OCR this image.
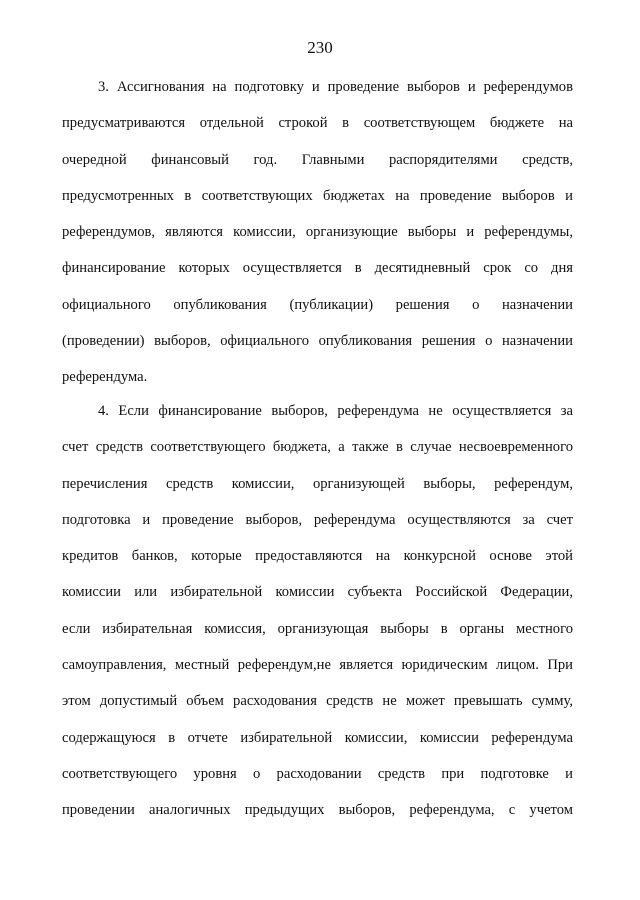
230

3. Ассигнования на подготовку и проведение выборов и референдумов
предусматриваются отдельной строкой в соответствующем бюджете на
очередной финансовый год. Главными распорядителями средств,
предусмотренных в соответствующих бюджетах на проведение выборов и
референдумов, являются комиссии, организующие выборы и референдумы,
финансирование которых осуществляется в десятидневный срок со дня
официального опубликования (публикации) решения о назначении
(проведении) выборов, официального опубликования решения о назначении
референдума.
4. Если финансирование выборов, референдума не осуществляется за
счет средств соответствующего бюджета, а также в случае несвоевременного
перечисления средств комиссии, организующей выборы, референдум,
подготовка и проведение выборов, референдума осуществляются за счет
кредитов банков, которые предоставляются на конкурсной основе этой
комиссии или избирательной комиссии субъекта Российской Федерации,
если избирательная комиссия, организующая выборы в органы местного
самоуправления, местный референдум,не является юридическим лицом. При
этом допустимый объем расходования средств не может превышать сумму,
содержащуюся в отчете избирательной комиссии, комиссии референдума
соответствующего уровня о расходовании средств при подготовке и
проведении аналогичных предыдущих выборов, референдума, с учетом
